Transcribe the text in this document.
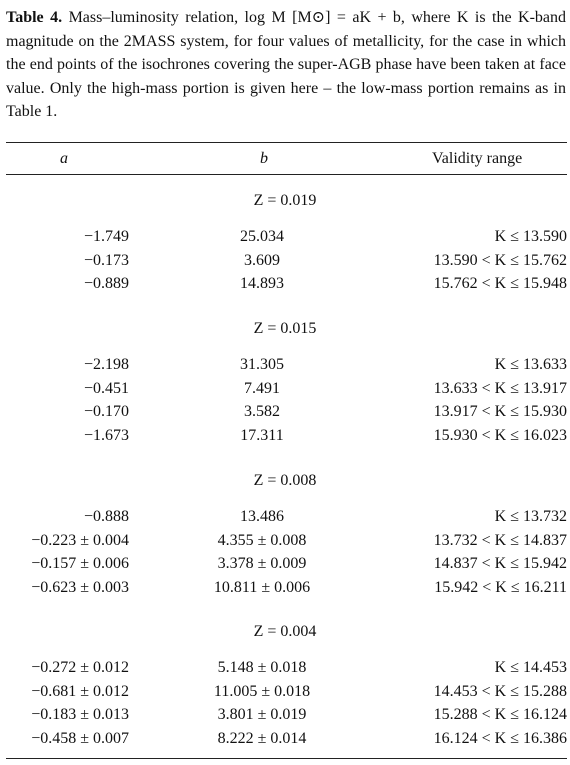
Table 4. Mass–luminosity relation, log M [M⊙] = aK + b, where K is the K-band magnitude on the 2MASS system, for four values of metallicity, for the case in which the end points of the isochrones covering the super-AGB phase have been taken at face value. Only the high-mass portion is given here – the low-mass portion remains as in Table 1.
a	b	Validity range
Z = 0.019
−1.749	25.034	K ≤ 13.590
−0.173	3.609	13.590 < K ≤ 15.762
−0.889	14.893	15.762 < K ≤ 15.948
Z = 0.015
−2.198	31.305	K ≤ 13.633
−0.451	7.491	13.633 < K ≤ 13.917
−0.170	3.582	13.917 < K ≤ 15.930
−1.673	17.311	15.930 < K ≤ 16.023
Z = 0.008
−0.888	13.486	K ≤ 13.732
−0.223 ± 0.004	4.355 ± 0.008	13.732 < K ≤ 14.837
−0.157 ± 0.006	3.378 ± 0.009	14.837 < K ≤ 15.942
−0.623 ± 0.003	10.811 ± 0.006	15.942 < K ≤ 16.211
Z = 0.004
−0.272 ± 0.012	5.148 ± 0.018	K ≤ 14.453
−0.681 ± 0.012	11.005 ± 0.018	14.453 < K ≤ 15.288
−0.183 ± 0.013	3.801 ± 0.019	15.288 < K ≤ 16.124
−0.458 ± 0.007	8.222 ± 0.014	16.124 < K ≤ 16.386
